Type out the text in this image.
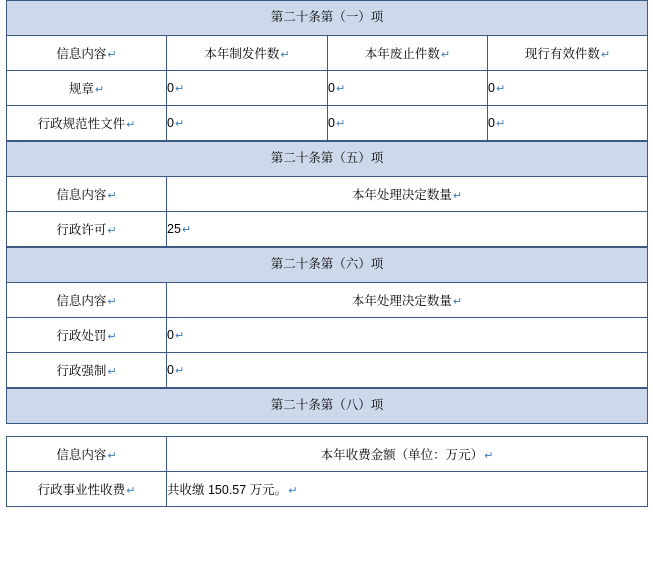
第二十条第（一）项			

信息内容↵	本年制发件数↵	本年废止件数↵	现行有效件数↵
规章↵	0↵	0↵	0↵
行政规范性文件↵	0↵	0↵	0↵
第二十条第（五）项	

信息内容↵	本年处理决定数量↵
行政许可↵	25↵
第二十条第（六）项	

信息内容↵	本年处理决定数量↵
行政处罚↵	0↵
行政强制↵	0↵
第二十条第（八）项
信息内容↵	本年收费金额（单位：万元）↵
行政事业性收费↵	共收缴 150.57 万元。↵
